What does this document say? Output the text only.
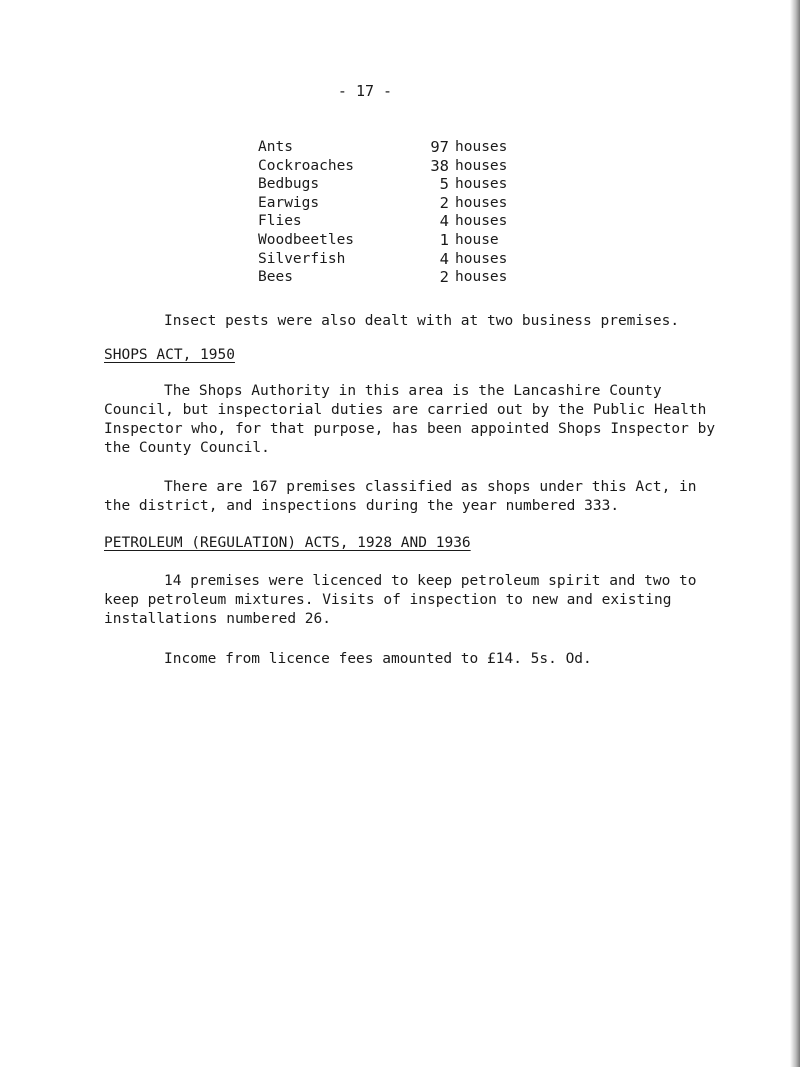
- 17 -
Ants	97 houses
Cockroaches	38 houses
Bedbugs	5 houses
Earwigs	2 houses
Flies	4 houses
Woodbeetles	1 house
Silverfish	4 houses
Bees	2 houses

Insect pests were also dealt with at two business premises.

SHOPS ACT, 1950

The Shops Authority in this area is the Lancashire County Council, but inspectorial duties are carried out by the Public Health Inspector who, for that purpose, has been appointed Shops Inspector by the County Council.

There are 167 premises classified as shops under this Act, in the district, and inspections during the year numbered 333.

PETROLEUM (REGULATION) ACTS, 1928 AND 1936

14 premises were licenced to keep petroleum spirit and two to keep petroleum mixtures. Visits of inspection to new and existing installations numbered 26.

Income from licence fees amounted to £14. 5s. Od.
